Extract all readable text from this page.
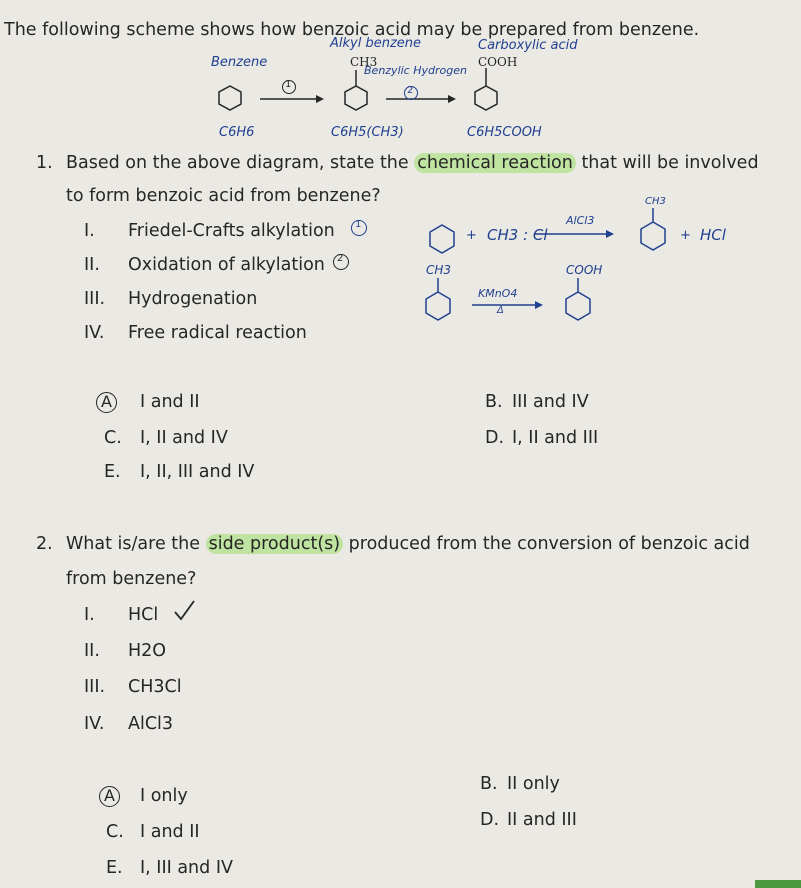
The following scheme shows how benzoic acid may be prepared from benzene.
Benzene
Alkyl benzene	Carboxylic acid
CH3
Benzylic Hydrogen
COOH
1
2
C6H6	C6H5(CH3)	C6H5COOH
1. Based on the above diagram, state the chemical reaction that will be involved
to form benzoic acid from benzene?
I. Friedel-Crafts alkylation 1
II. Oxidation of alkylation 2
III. Hydrogenation
IV. Free radical reaction
+ CH3 : Cl
AlCl3
CH3
+ HCl
CH3
KMnO4
Δ
COOH
A I and II	B. III and IV
C. I, II and IV	D. I, II and III
E. I, II, III and IV
2. What is/are the side product(s) produced from the conversion of benzoic acid
from benzene?
I. HCl
II. H2O
III. CH3Cl
IV. AlCl3
A I only
B. II only
C. I and II
D. II and III
E. I, III and IV
